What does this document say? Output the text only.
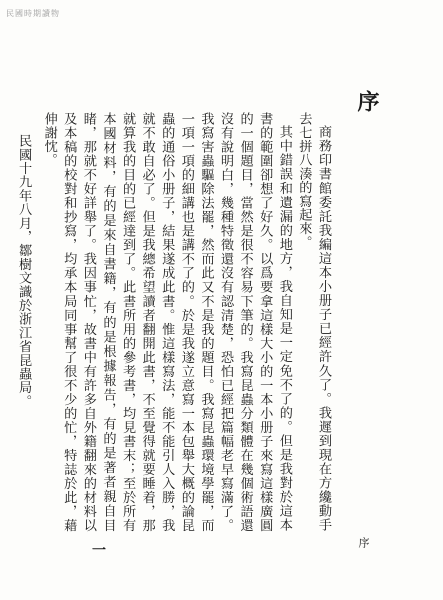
民國時期讀物
序

商務印書館委託我編這本小册子已經許久了。我遲到現在方纔動手去七拼八湊的寫起來。

其中錯誤和遺漏的地方，我自知是一定免不了的。但是我對於這本書的範圍卻想了好久。以爲要拿這樣大小的一本小册子來寫這樣廣圓的一個題目，當然是很不容易下筆的。我寫昆蟲分類體在幾個術語還沒有說明白，幾種特徵還沒有認清楚，恐怕已經把篇幅老早寫滿了。我寫害蟲驅除法罷，然而此又不是我的題目。我寫昆蟲環境學罷，而一項一項的細講也是講不了的。於是我遂立意寫一本包舉大概的論昆蟲的通俗小册子，結果遂成此書。惟這樣寫法，能不能引人入勝，我就不敢自必了。但是我總希望讀者翻開此書，不至覺得就要睡着，那就算我的目的已經達到了。此書所用的參考書，均見書末；至於所有本國材料，有的是來自書籍，有的是根據報告，有的是著者親自目睹，那就不好詳舉了。我因事忙，故書中有許多自外籍翻來的材料以及本稿的校對和抄寫，均承本局同事幫了很不少的忙，特誌於此，藉伸謝忱。

民國十九年八月，鄒樹文識於浙江省昆蟲局。

序
一
